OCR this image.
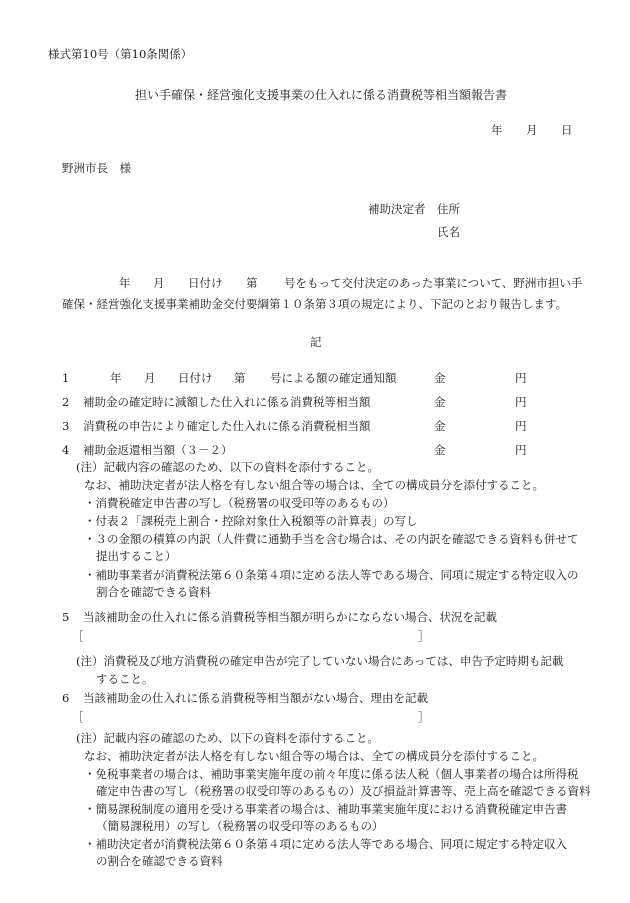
様式第10号（第10条関係）
担い手確保・経営強化支援事業の仕入れに係る消費税等相当額報告書
年 月 日
野洲市長　様
補助決定者 住所
氏名
年 月 日付け 第 号をもって交付決定のあった事業について、野洲市担い手
確保・経営強化支援事業補助金交付要綱第１０条第３項の規定により、下記のとおり報告します。
記
1	年 月 日付け 第 号による額の確定通知額	金	円
2 補助金の確定時に減額した仕入れに係る消費税等相当額	金	円
3 消費税の申告により確定した仕入れに係る消費税相当額	金	円
4 補助金返還相当額（３－２）	金	円
(注）記載内容の確認のため、以下の資料を添付すること。
なお、補助決定者が法人格を有しない組合等の場合は、全ての構成員分を添付すること。
・消費税確定申告書の写し（税務署の収受印等のあるもの）
・付表２「課税売上割合・控除対象仕入税額等の計算表」の写し
・３の金額の積算の内訳（人件費に通勤手当を含む場合は、その内訳を確認できる資料も併せて
提出すること）
・補助事業者が消費税法第６０条第４項に定める法人等である場合、同項に規定する特定収入の
割合を確認できる資料
5 当該補助金の仕入れに係る消費税等相当額が明らかにならない場合、状況を記載
［	］
(注）消費税及び地方消費税の確定申告が完了していない場合にあっては、申告予定時期も記載
すること。
6 当該補助金の仕入れに係る消費税等相当額がない場合、理由を記載
［	］
(注）記載内容の確認のため、以下の資料を添付すること。
なお、補助決定者が法人格を有しない組合等の場合は、全ての構成員分を添付すること。
・免税事業者の場合は、補助事業実施年度の前々年度に係る法人税（個人事業者の場合は所得税
確定申告書の写し（税務署の収受印等のあるもの）及び損益計算書等、売上高を確認できる資料
・簡易課税制度の適用を受ける事業者の場合は、補助事業実施年度における消費税確定申告書
（簡易課税用）の写し（税務署の収受印等のあるもの）
・補助決定者が消費税法第６０条第４項に定める法人等である場合、同項に規定する特定収入
の割合を確認できる資料
